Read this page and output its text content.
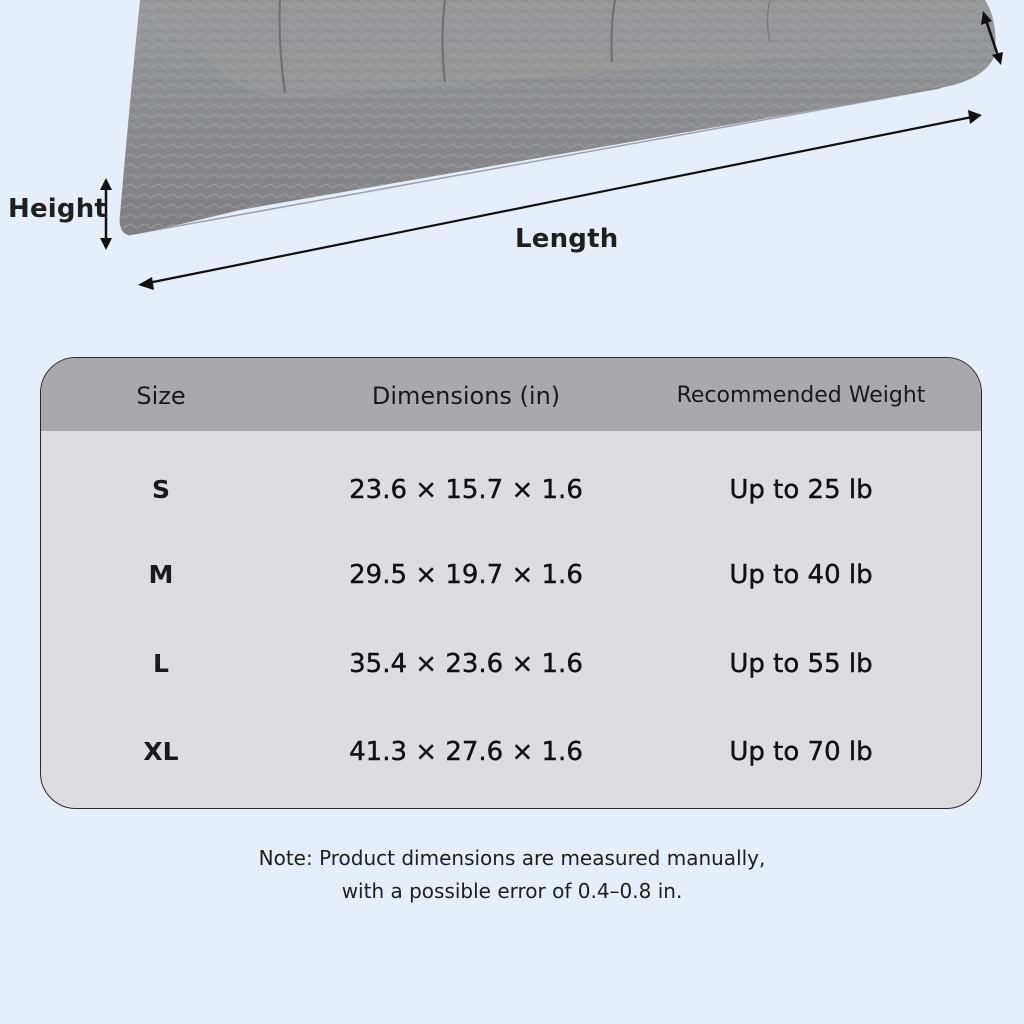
Height
Length
Size	Dimensions (in)	Recommended Weight
S	23.6 × 15.7 × 1.6	Up to 25 lb
M	29.5 × 19.7 × 1.6	Up to 40 lb
L	35.4 × 23.6 × 1.6	Up to 55 lb
XL	41.3 × 27.6 × 1.6	Up to 70 lb
Note: Product dimensions are measured manually,
with a possible error of 0.4–0.8 in.
